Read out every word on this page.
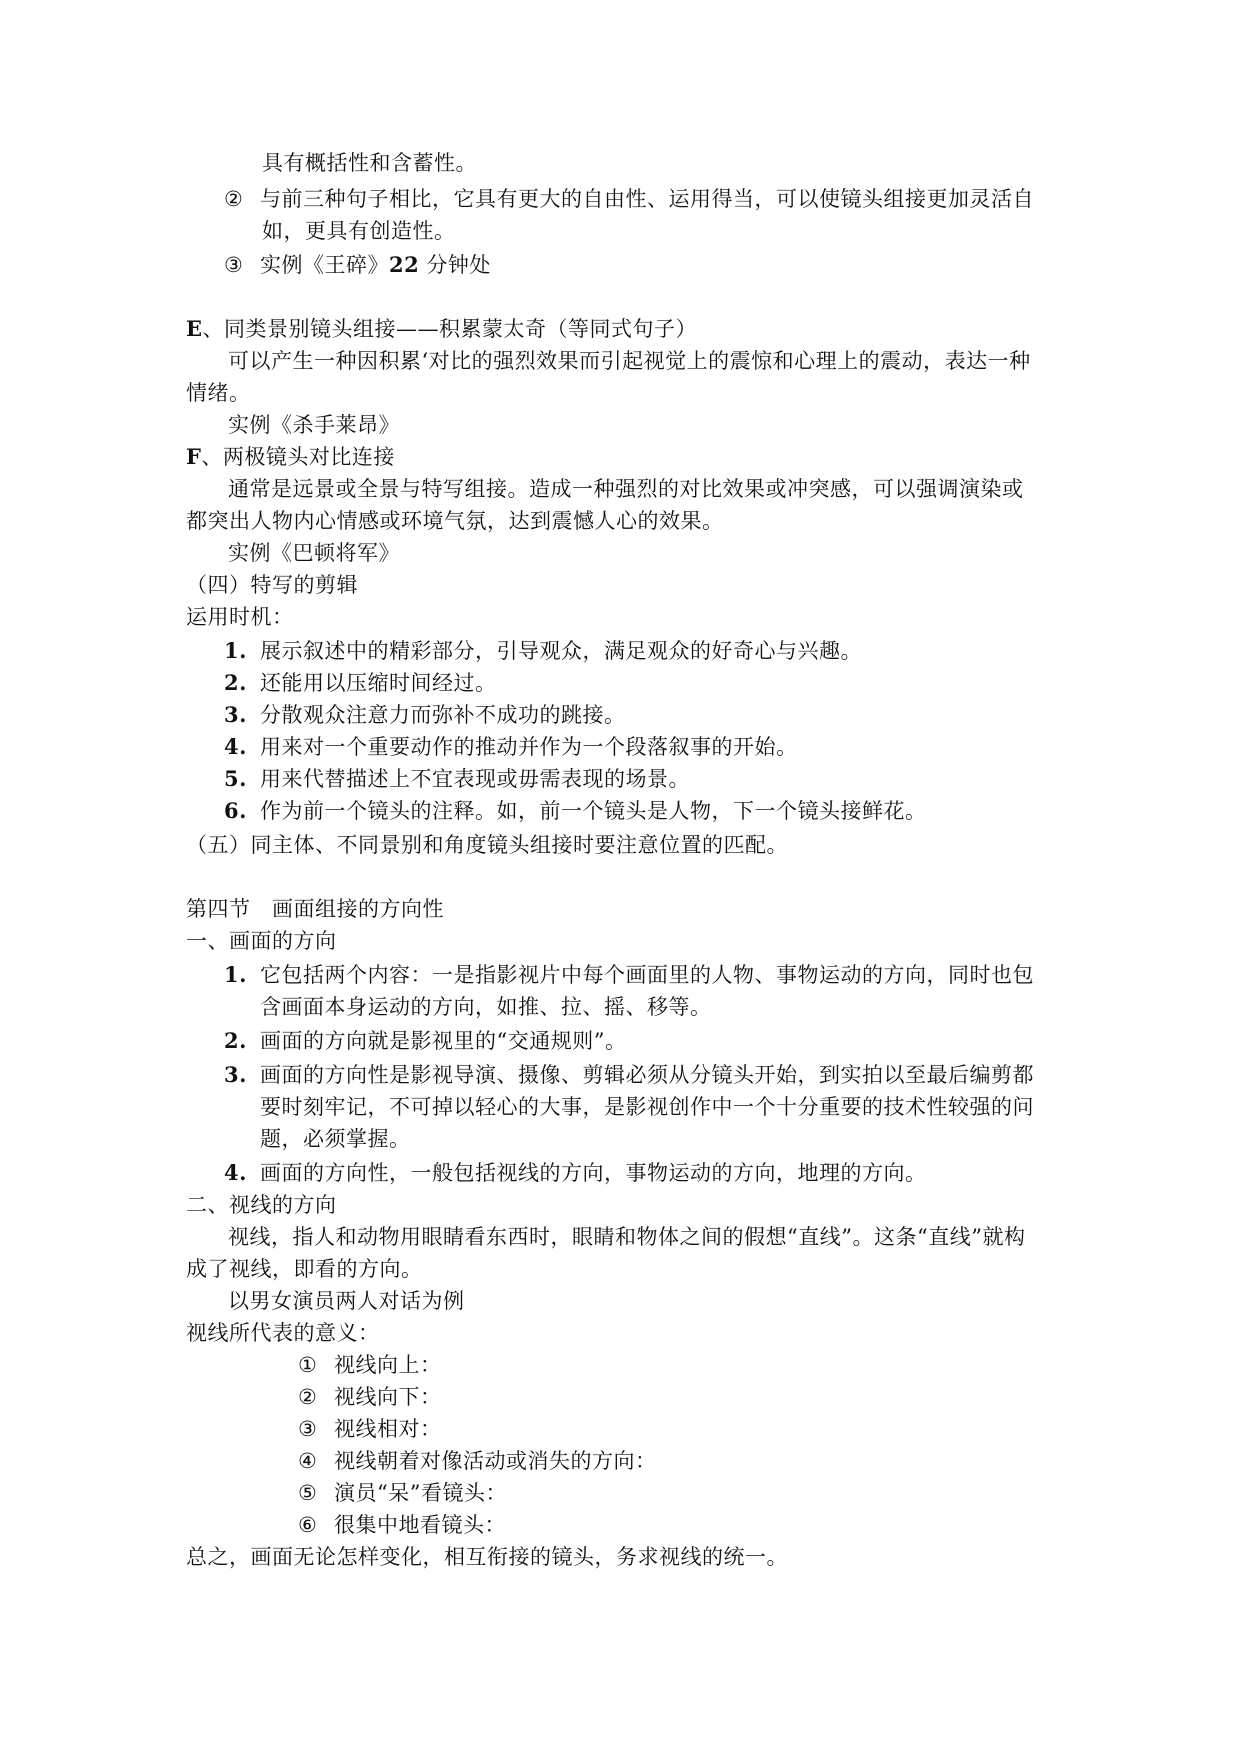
具有概括性和含蓄性。
② 与前三种句子相比，它具有更大的自由性、运用得当，可以使镜头组接更加灵活自
如，更具有创造性。
③ 实例《王碎》22 分钟处
E、同类景别镜头组接——积累蒙太奇（等同式句子）
可以产生一种因积累‘对比的强烈效果而引起视觉上的震惊和心理上的震动，表达一种
情绪。
实例《杀手莱昂》
F、两极镜头对比连接
通常是远景或全景与特写组接。造成一种强烈的对比效果或冲突感，可以强调演染或
都突出人物内心情感或环境气氛，达到震憾人心的效果。
实例《巴顿将军》
（四）特写的剪辑
运用时机：
1. 展示叙述中的精彩部分，引导观众，满足观众的好奇心与兴趣。
2. 还能用以压缩时间经过。
3. 分散观众注意力而弥补不成功的跳接。
4. 用来对一个重要动作的推动并作为一个段落叙事的开始。
5. 用来代替描述上不宜表现或毋需表现的场景。
6. 作为前一个镜头的注释。如，前一个镜头是人物，下一个镜头接鲜花。
（五）同主体、不同景别和角度镜头组接时要注意位置的匹配。
第四节　画面组接的方向性
一、画面的方向
1. 它包括两个内容：一是指影视片中每个画面里的人物、事物运动的方向，同时也包
含画面本身运动的方向，如推、拉、摇、移等。
2. 画面的方向就是影视里的“交通规则”。
3. 画面的方向性是影视导演、摄像、剪辑必须从分镜头开始，到实拍以至最后编剪都
要时刻牢记，不可掉以轻心的大事，是影视创作中一个十分重要的技术性较强的问
题，必须掌握。
4. 画面的方向性，一般包括视线的方向，事物运动的方向，地理的方向。
二、视线的方向
视线，指人和动物用眼睛看东西时，眼睛和物体之间的假想“直线”。这条“直线”就构
成了视线，即看的方向。
以男女演员两人对话为例
视线所代表的意义：
① 视线向上：
② 视线向下：
③ 视线相对：
④ 视线朝着对像活动或消失的方向：
⑤ 演员“呆”看镜头：
⑥ 很集中地看镜头：
总之，画面无论怎样变化，相互衔接的镜头，务求视线的统一。
